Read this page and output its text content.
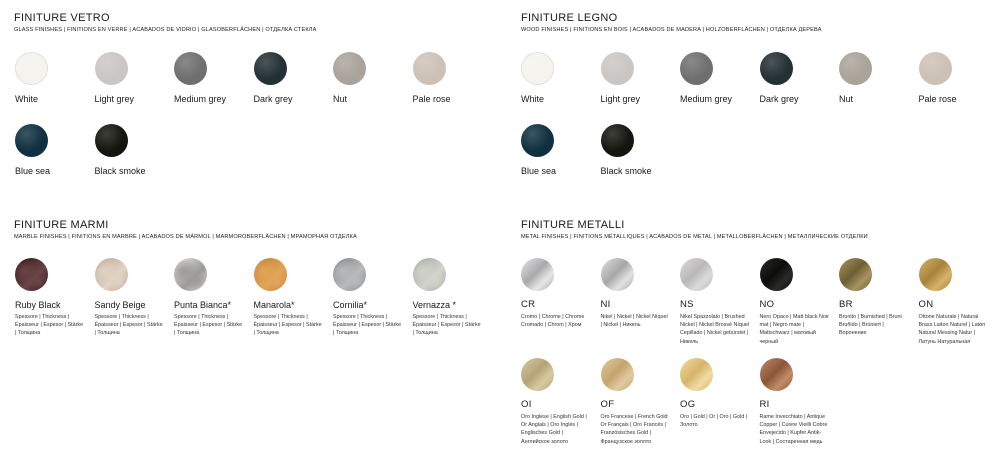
FINITURE VETRO
GLASS FINISHES | FINITIONS EN VERRE | ACABADOS DE VIDRIO | GLASOBERFLÄCHEN | ОТДЕЛКА СТЕКЛА
White	Light grey	Medium grey	Dark grey	Nut	Pale rose
Blue sea	Black smoke
FINITURE LEGNO
WOOD FINISHES | FINITIONS EN BOIS | ACABADOS DE MADERA | HOLZOBERFLÄCHEN | ОТДЕЛКА ДЕРЕВА
White	Light grey	Medium grey	Dark grey	Nut	Pale rose
Blue sea	Black smoke
FINITURE MARMI
MARBLE FINISHES | FINITIONS EN MARBRE | ACABADOS DE MÁRMOL | MARMOROBERFLÄCHEN | МРАМОРНАЯ ОТДЕЛКА
Ruby Black
Spessore | Thickness | Épaisseur | Espesor | Stärke | Толщина
Sandy Beige
Spessore | Thickness | Épaisseur | Espesor | Stärke | Толщина
Punta Bianca*
Spessore | Thickness | Épaisseur | Espesor | Stärke | Толщина
Manarola*
Spessore | Thickness | Épaisseur | Espesor | Stärke | Толщина
Cornilia*
Spessore | Thickness | Épaisseur | Espesor | Stärke | Толщина
Vernazza *
Spessore | Thickness | Épaisseur | Espesor | Stärke | Толщина
FINITURE METALLI
METAL FINISHES | FINITIONS MÉTALLIQUES | ACABADOS DE METAL | METALLOBERFLÄCHEN | МЕТАЛЛИЧЕСКИЕ ОТДЕЛКИ
CR
Cromo | Chrome | Chrome Cromado | Chrom | Хром
NI
Nikel | Nickel | Nickel Níquel | Nickel | Никель
NS
Nikel Spazzolato | Brushed Nickel | Nickel Brossé Níquel Cepillado | Nickel gebürstet | Никель
NO
Nero Opaco | Matt black Noir mat | Negro mate | Mattschwarz | матовый черный
BR
Brunito | Burnished | Bruni Bruñido | Brüniert | Воронение
ON
Ottone Naturale | Natural Brass Laiton Naturel | Latón Natural Messing Natur | Латунь Натуральная
OI
Oro Inglese | English Gold | Or Anglais | Oro Inglés | Englisches Gold | Английское золото
OF
Oro Francese | French Gold Or Français | Oro Francés | Französisches Gold | Французское золото
OG
Oro | Gold | Or | Oro | Gold | Золото
RI
Rame Invecchiato | Antique Copper | Cuivre Vieilli Cobre Envejecido | Kupfer Antik-Look | Состаренная медь
